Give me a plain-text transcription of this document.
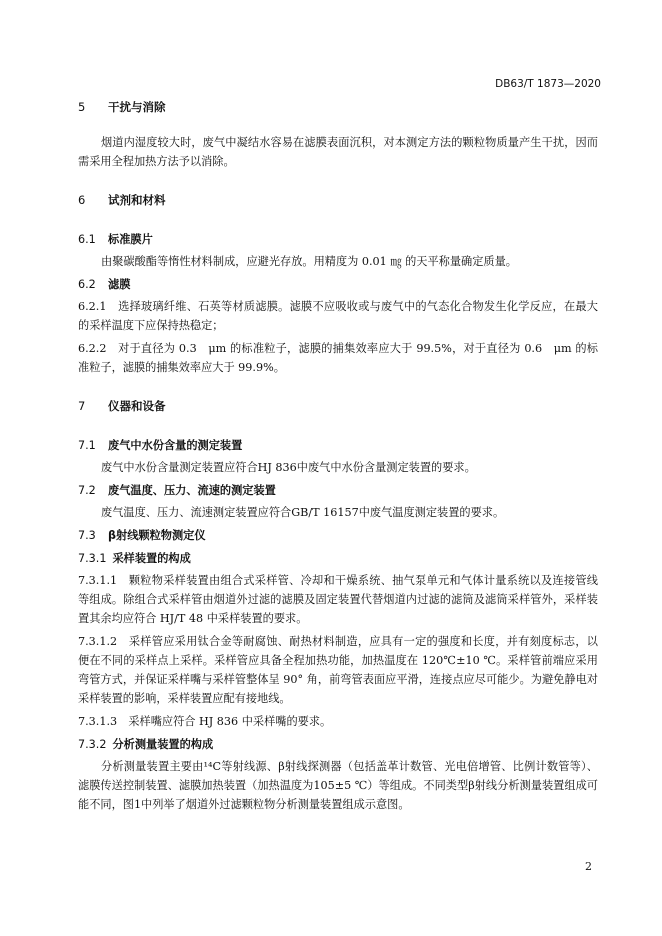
DB63/T 1873—2020
5 干扰与消除

烟道内湿度较大时，废气中凝结水容易在滤膜表面沉积，对本测定方法的颗粒物质量产生干扰，因而需采用全程加热方法予以消除。

6 试剂和材料
6.1 标准膜片

由聚碳酸酯等惰性材料制成，应避光存放。用精度为 0.01 ㎎ 的天平称量确定质量。

6.2 滤膜

6.2.1　选择玻璃纤维、石英等材质滤膜。滤膜不应吸收或与废气中的气态化合物发生化学反应，在最大的采样温度下应保持热稳定；

6.2.2　对于直径为 0.3　μm 的标准粒子，滤膜的捕集效率应大于 99.5%，对于直径为 0.6　μm 的标准粒子，滤膜的捕集效率应大于 99.9%。

7 仪器和设备
7.1 废气中水份含量的测定装置

废气中水份含量测定装置应符合HJ 836中废气中水份含量测定装置的要求。

7.2 废气温度、压力、流速的测定装置

废气温度、压力、流速测定装置应符合GB/T 16157中废气温度测定装置的要求。

7.3 β射线颗粒物测定仪
7.3.1 采样装置的构成

7.3.1.1　颗粒物采样装置由组合式采样管、冷却和干燥系统、抽气泵单元和气体计量系统以及连接管线等组成。除组合式采样管由烟道外过滤的滤膜及固定装置代替烟道内过滤的滤筒及滤筒采样管外，采样装置其余均应符合 HJ/T 48 中采样装置的要求。

7.3.1.2　采样管应采用钛合金等耐腐蚀、耐热材料制造，应具有一定的强度和长度，并有刻度标志，以便在不同的采样点上采样。采样管应具备全程加热功能，加热温度在 120℃±10 ℃。采样管前端应采用弯管方式，并保证采样嘴与采样管整体呈 90° 角，前弯管表面应平滑，连接点应尽可能少。为避免静电对采样装置的影响，采样装置应配有接地线。

7.3.1.3　采样嘴应符合 HJ 836 中采样嘴的要求。

7.3.2 分析测量装置的构成

分析测量装置主要由¹⁴C等射线源、β射线探测器（包括盖革计数管、光电倍增管、比例计数管等）、滤膜传送控制装置、滤膜加热装置（加热温度为105±5 ℃）等组成。不同类型β射线分析测量装置组成可能不同，图1中列举了烟道外过滤颗粒物分析测量装置组成示意图。

2
